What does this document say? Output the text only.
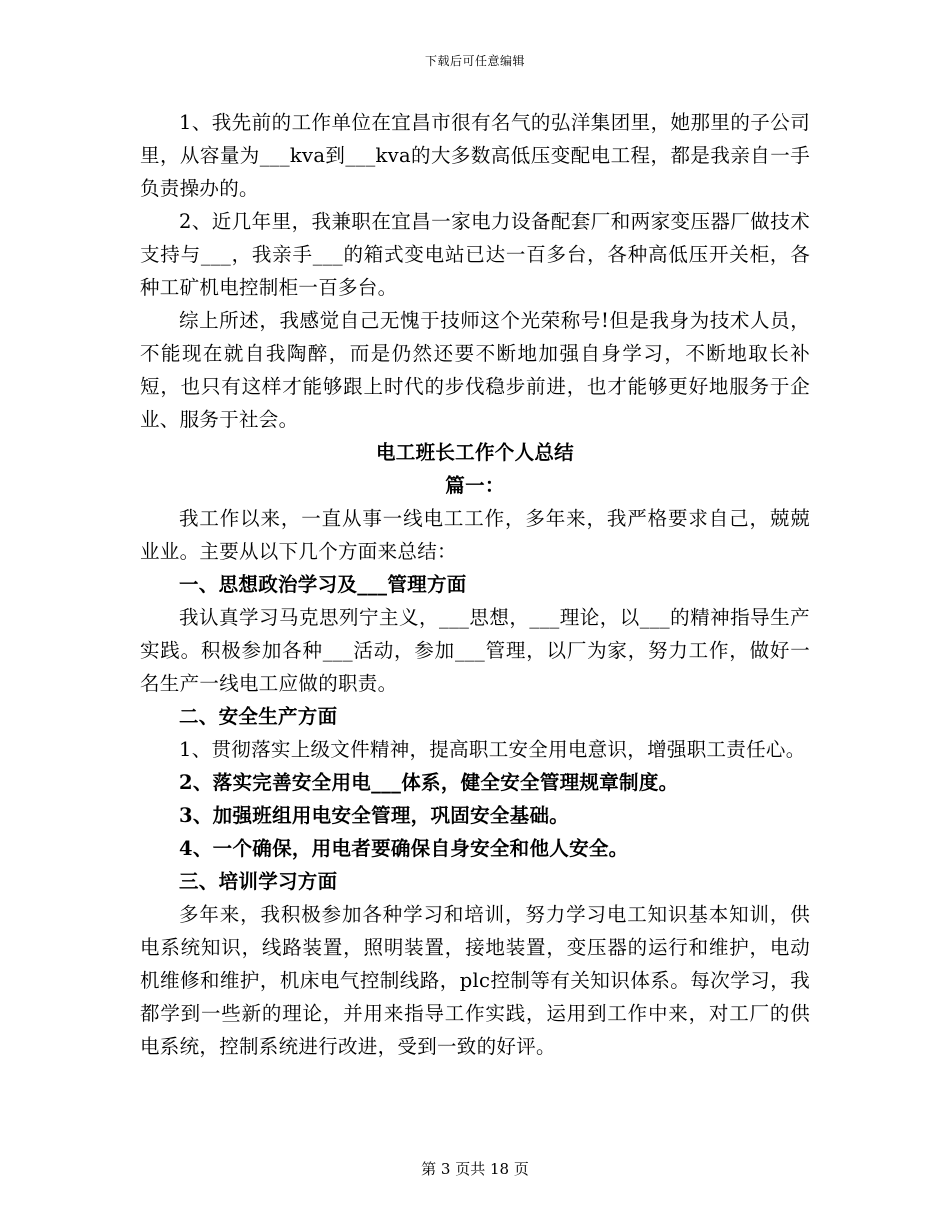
下载后可任意编辑

1、我先前的工作单位在宜昌市很有名气的弘洋集团里，她那里的子公司里，从容量为___kva到___kva的大多数高低压变配电工程，都是我亲自一手负责操办的。

2、近几年里，我兼职在宜昌一家电力设备配套厂和两家变压器厂做技术支持与___，我亲手___的箱式变电站已达一百多台，各种高低压开关柜，各种工矿机电控制柜一百多台。

综上所述，我感觉自己无愧于技师这个光荣称号!但是我身为技术人员，不能现在就自我陶醉，而是仍然还要不断地加强自身学习，不断地取长补短，也只有这样才能够跟上时代的步伐稳步前进，也才能够更好地服务于企业、服务于社会。

电工班长工作个人总结

篇一：

我工作以来，一直从事一线电工工作，多年来，我严格要求自己，兢兢业业。主要从以下几个方面来总结：

一、思想政治学习及___管理方面

我认真学习马克思列宁主义，___思想，___理论，以___的精神指导生产实践。积极参加各种___活动，参加___管理，以厂为家，努力工作，做好一名生产一线电工应做的职责。

二、安全生产方面

1、贯彻落实上级文件精神，提高职工安全用电意识，增强职工责任心。

2、落实完善安全用电___体系，健全安全管理规章制度。

3、加强班组用电安全管理，巩固安全基础。

4、一个确保，用电者要确保自身安全和他人安全。

三、培训学习方面

多年来，我积极参加各种学习和培训，努力学习电工知识基本知训，供电系统知识，线路装置，照明装置，接地装置，变压器的运行和维护，电动机维修和维护，机床电气控制线路，plc控制等有关知识体系。每次学习，我都学到一些新的理论，并用来指导工作实践，运用到工作中来，对工厂的供电系统，控制系统进行改进，受到一致的好评。

第 3 页共 18 页
